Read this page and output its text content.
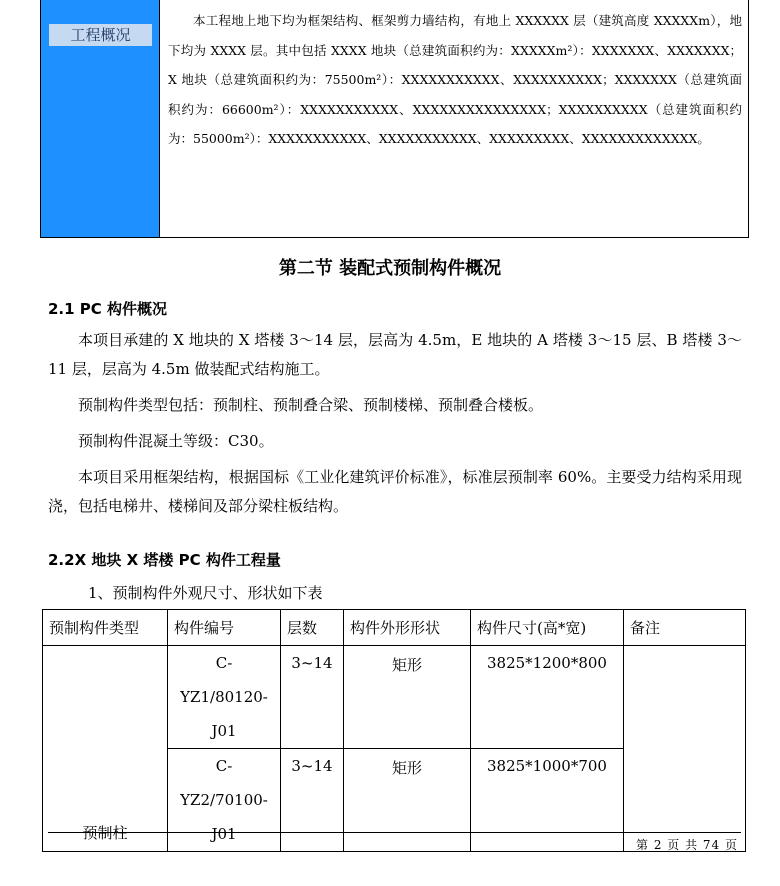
工程概况

本工程地上地下均为框架结构、框架剪力墙结构，有地上 XXXXXX 层（建筑高度 XXXXXm），地下均为 XXXX 层。其中包括 XXXX 地块（总建筑面积约为：XXXXXm²）：XXXXXXX、XXXXXXX；X 地块（总建筑面积约为：75500m²）：XXXXXXXXXXX、XXXXXXXXXX；XXXXXXX（总建筑面积约为：66600m²）：XXXXXXXXXXX、XXXXXXXXXXXXXXX；XXXXXXXXXX（总建筑面积约为：55000m²）：XXXXXXXXXXX、XXXXXXXXXXX、XXXXXXXXX、XXXXXXXXXXXXX。

第二节 装配式预制构件概况
2.1 PC 构件概况

本项目承建的 X 地块的 X 塔楼 3～14 层，层高为 4.5m，E 地块的 A 塔楼 3～15 层、B 塔楼 3～11 层，层高为 4.5m 做装配式结构施工。

预制构件类型包括：预制柱、预制叠合梁、预制楼梯、预制叠合楼板。

预制构件混凝土等级：C30。

本项目采用框架结构，根据国标《工业化建筑评价标准》，标准层预制率 60%。主要受力结构采用现浇，包括电梯井、楼梯间及部分梁柱板结构。

2.2X 地块 X 塔楼 PC 构件工程量
1、预制构件外观尺寸、形状如下表
预制构件类型	构件编号	层数	构件外形形状	构件尺寸(高*宽)	备注
预制柱	C-YZ1/80120-J01	3~14	矩形	3825*1200*800	
	C-YZ2/70100-J01	3~14	矩形	3825*1000*700	
第 2 页 共 74 页
